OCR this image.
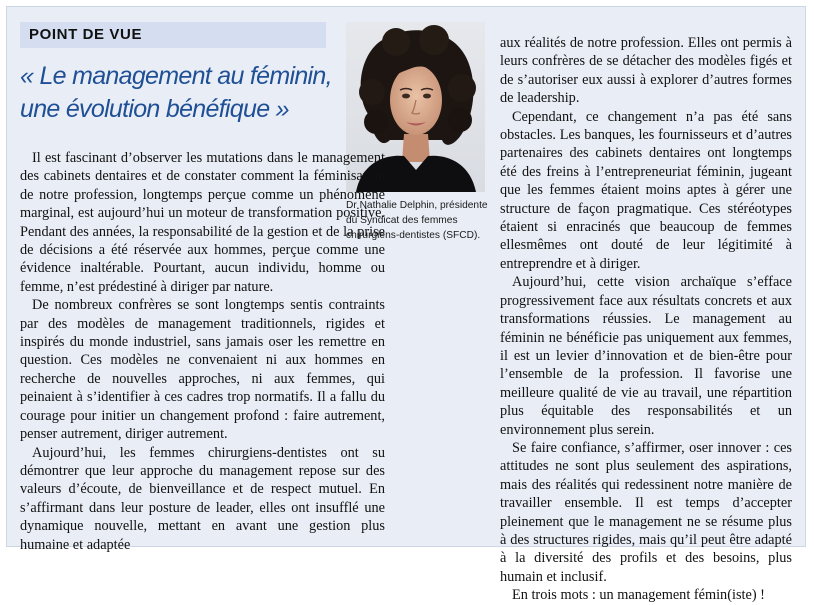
POINT DE VUE
« Le management au féminin, une évolution bénéfique »
Dr Nathalie Delphin, présidente du Syndicat des femmes chirurgiens-dentistes (SFCD).

Il est fascinant d’observer les mutations dans le management des cabinets dentaires et de constater comment la féminisation de notre profession, longtemps perçue comme un phénomène marginal, est aujourd’hui un moteur de transformation positive. Pendant des années, la responsabilité de la gestion et de la prise de décisions a été réservée aux hommes, perçue comme une évidence inaltérable. Pourtant, aucun individu, homme ou femme, n’est prédestiné à diriger par nature.

De nombreux confrères se sont longtemps sentis contraints par des modèles de management traditionnels, rigides et inspirés du monde industriel, sans jamais oser les remettre en question. Ces modèles ne convenaient ni aux hommes en recherche de nouvelles approches, ni aux femmes, qui peinaient à s’identifier à ces cadres trop normatifs. Il a fallu du courage pour initier un changement profond : faire autrement, penser autrement, diriger autrement.

Aujourd’hui, les femmes chirurgiens-dentistes ont su démontrer que leur approche du management repose sur des valeurs d’écoute, de bienveillance et de respect mutuel. En s’affirmant dans leur posture de leader, elles ont insufflé une dynamique nouvelle, mettant en avant une gestion plus humaine et adaptée

aux réalités de notre profession. Elles ont permis à leurs confrères de se détacher des modèles figés et de s’autoriser eux aussi à explorer d’autres formes de leadership.

Cependant, ce changement n’a pas été sans obstacles. Les banques, les fournisseurs et d’autres partenaires des cabinets dentaires ont longtemps été des freins à l’entrepreneuriat féminin, jugeant que les femmes étaient moins aptes à gérer une structure de façon pragmatique. Ces stéréotypes étaient si enracinés que beaucoup de femmes ellesmêmes ont douté de leur légitimité à entreprendre et à diriger.

Aujourd’hui, cette vision archaïque s’efface progressivement face aux résultats concrets et aux transformations réussies. Le management au féminin ne bénéficie pas uniquement aux femmes, il est un levier d’innovation et de bien-être pour l’ensemble de la profession. Il favorise une meilleure qualité de vie au travail, une répartition plus équitable des responsabilités et un environnement plus serein.

Se faire confiance, s’affirmer, oser innover : ces attitudes ne sont plus seulement des aspirations, mais des réalités qui redessinent notre manière de travailler ensemble. Il est temps d’accepter pleinement que le management ne se résume plus à des structures rigides, mais qu’il peut être adapté à la diversité des profils et des besoins, plus humain et inclusif.

En trois mots : un management fémin(iste) !
